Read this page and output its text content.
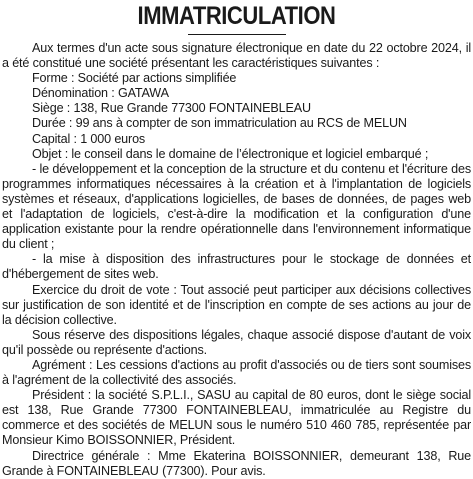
IMMATRICULATION

Aux termes d'un acte sous signature électronique en date du 22 octobre 2024, il a été constitué une société présentant les caractéristiques suivantes :

Forme : Société par actions simplifiée

Dénomination : GATAWA

Siège : 138, Rue Grande 77300 FONTAINEBLEAU

Durée : 99 ans à compter de son immatriculation au RCS de MELUN

Capital : 1 000 euros

Objet : le conseil dans le domaine de l’électronique et logiciel embarqué ;

- le développement et la conception de la structure et du contenu et l'écriture des programmes informatiques nécessaires à la création et à l'implantation de logiciels systèmes et réseaux, d'applications logicielles, de bases de données, de pages web et l'adaptation de logiciels, c'est-à-dire la modification et la configuration d'une application existante pour la rendre opérationnelle dans l'environnement informatique du client ;

- la mise à disposition des infrastructures pour le stockage de données et d'hébergement de sites web.

Exercice du droit de vote : Tout associé peut participer aux décisions collectives sur justification de son identité et de l'inscription en compte de ses actions au jour de la décision collective.

Sous réserve des dispositions légales, chaque associé dispose d'autant de voix qu'il possède ou représente d'actions.

Agrément : Les cessions d'actions au profit d'associés ou de tiers sont soumises à l'agrément de la collectivité des associés.

Président : la société S.P.L.I., SASU au capital de 80 euros, dont le siège social est 138, Rue Grande 77300 FONTAINEBLEAU, immatriculée au Registre du commerce et des sociétés de MELUN sous le numéro 510 460 785, représentée par Monsieur Kimo BOISSONNIER, Président.

Directrice générale : Mme Ekaterina BOISSONNIER, demeurant 138, Rue Grande à FONTAINEBLEAU (77300). Pour avis.
